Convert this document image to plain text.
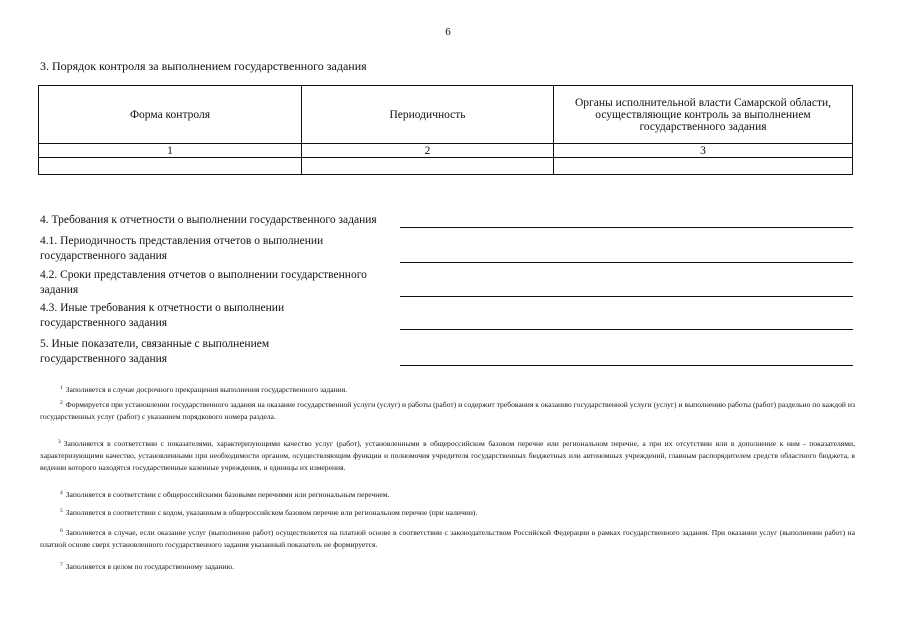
6
3. Порядок контроля за выполнением государственного задания
Форма контроля	Периодичность	Органы исполнительной власти Самарской области, осуществляющие контроль за выполнением государственного задания
1	2	3

4. Требования к отчетности о выполнении государственного задания
4.1. Периодичность представления отчетов о выполнении государственного задания
4.2. Сроки представления отчетов о выполнении государственного задания
4.3. Иные требования к отчетности о выполнении государственного задания
5. Иные показатели, связанные с выполнением государственного задания
$^1$ Заполняется в случае досрочного прекращения выполнения государственного задания.
$^2$ Формируется при установлении государственного задания на оказание государственной услуги (услуг) и работы (работ) и содержит требования к оказанию государственной услуги (услуг) и выполнению работы (работ) раздельно по каждой из государственных услуг (работ) с указанием порядкового номера раздела.
$^3$ Заполняется в соответствии с показателями, характеризующими качество услуг (работ), установленными в общероссийском базовом перечне или региональном перечне, а при их отсутствии или в дополнение к ним - показателями, характеризующими качество, установленными при необходимости органом, осуществляющим функции и полномочия учредителя государственных бюджетных или автономных учреждений, главным распорядителем средств областного бюджета, в ведении которого находятся государственные казенные учреждения, и единицы их измерения.
$^4$ Заполняется в соответствии с общероссийскими базовыми перечнями или региональным перечнем.
$^5$ Заполняется в соответствии с кодом, указанным в общероссийском базовом перечне или региональном перечне (при наличии).
$^6$ Заполняется в случае, если оказание услуг (выполнение работ) осуществляется на платной основе в соответствии с законодательством Российской Федерации в рамках государственного задания. При оказании услуг (выполнении работ) на платной основе сверх установленного государственного задания указанный показатель не формируется.
$^7$ Заполняется в целом по государственному заданию.
